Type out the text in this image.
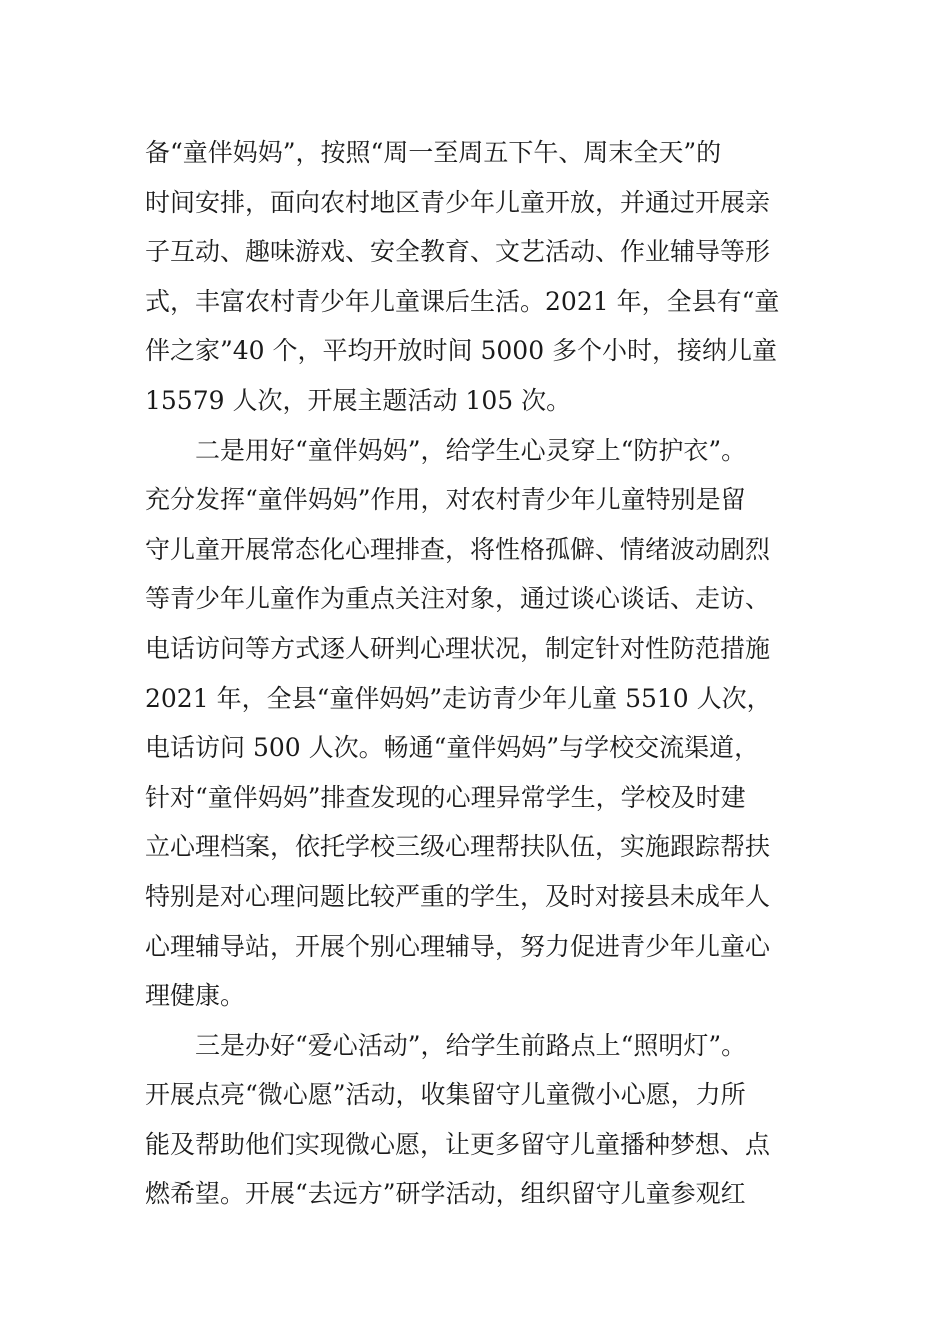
备“童伴妈妈”，按照“周一至周五下午、周末全天”的
时间安排，面向农村地区青少年儿童开放，并通过开展亲
子互动、趣味游戏、安全教育、文艺活动、作业辅导等形
式，丰富农村青少年儿童课后生活。2021 年，全县有“童
伴之家”40 个，平均开放时间 5000 多个小时，接纳儿童
15579 人次，开展主题活动 105 次。
　　二是用好“童伴妈妈”，给学生心灵穿上“防护衣”。
充分发挥“童伴妈妈”作用，对农村青少年儿童特别是留
守儿童开展常态化心理排查，将性格孤僻、情绪波动剧烈
等青少年儿童作为重点关注对象，通过谈心谈话、走访、
电话访问等方式逐人研判心理状况，制定针对性防范措施
2021 年，全县“童伴妈妈”走访青少年儿童 5510 人次，
电话访问 500 人次。畅通“童伴妈妈”与学校交流渠道，
针对“童伴妈妈”排查发现的心理异常学生，学校及时建
立心理档案，依托学校三级心理帮扶队伍，实施跟踪帮扶
特别是对心理问题比较严重的学生，及时对接县未成年人
心理辅导站，开展个别心理辅导，努力促进青少年儿童心
理健康。
　　三是办好“爱心活动”，给学生前路点上“照明灯”。
开展点亮“微心愿”活动，收集留守儿童微小心愿，力所
能及帮助他们实现微心愿，让更多留守儿童播种梦想、点
燃希望。开展“去远方”研学活动，组织留守儿童参观红
